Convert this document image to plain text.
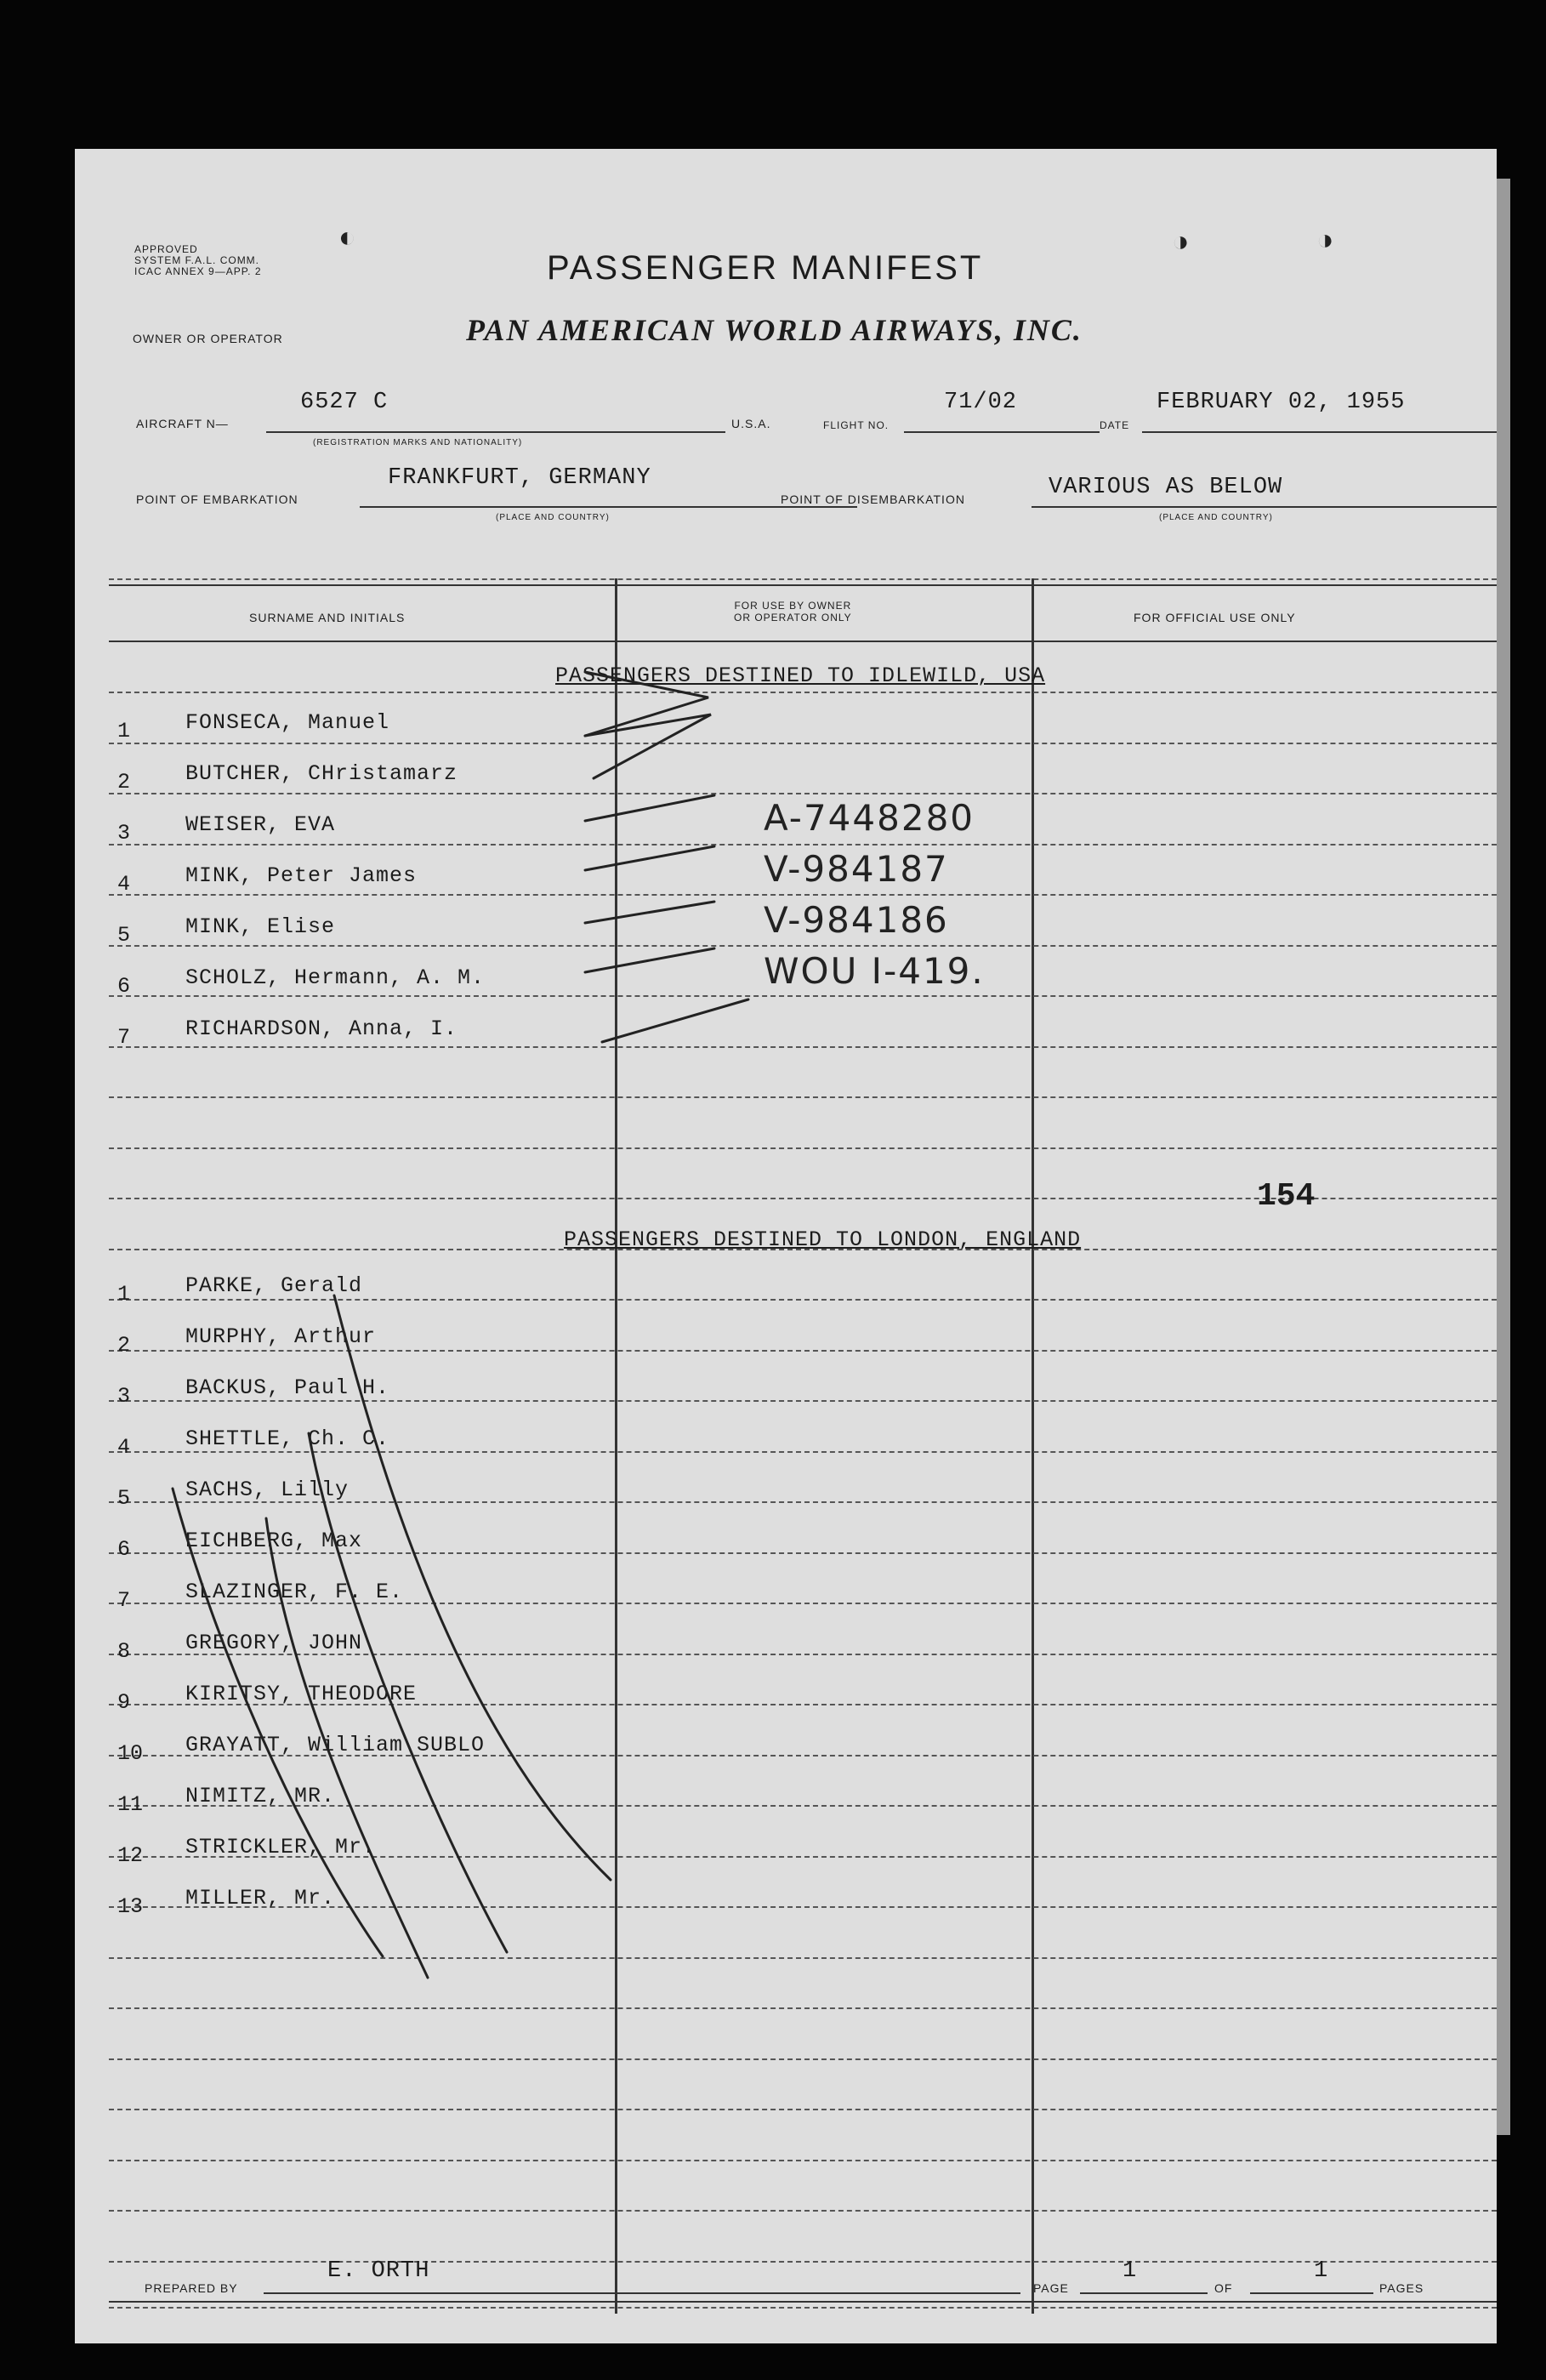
APPROVED
SYSTEM F.A.L. COMM.
ICAC ANNEX 9—APP. 2
◐	◑	◑
PASSENGER MANIFEST
OWNER OR OPERATOR	PAN AMERICAN WORLD AIRWAYS, INC.
AIRCRAFT N—
6527 C
(REGISTRATION MARKS AND NATIONALITY)
U.S.A.	FLIGHT NO.
71/02
DATE
FEBRUARY 02, 1955
POINT OF EMBARKATION
FRANKFURT, GERMANY
(PLACE AND COUNTRY)
POINT OF DISEMBARKATION	VARIOUS AS BELOW
(PLACE AND COUNTRY)
SURNAME AND INITIALS
FOR USE BY OWNER
OR OPERATOR ONLY	FOR OFFICIAL USE ONLY
PASSENGERS DESTINED TO IDLEWILD, USA
1	FONSECA, Manuel
2	BUTCHER, CHristamarz
3	WEISER, EVA	A-7448280
4	MINK, Peter James	V-984187
5	MINK, Elise	V-984186
6	SCHOLZ, Hermann, A. M.	WOU I-419.
7	RICHARDSON, Anna, I.
154
PASSENGERS DESTINED TO LONDON, ENGLAND
1	PARKE, Gerald
2	MURPHY, Arthur
3	BACKUS, Paul H.
4	SHETTLE, Ch. C.
5	SACHS, Lilly
6	EICHBERG, Max
7	SLAZINGER, F. E.
8	GREGORY, JOHN
9	KIRITSY, THEODORE
10 GRAYATT, William SUBLO
11 NIMITZ, MR.
12 STRICKLER, Mr.
13 MILLER, Mr.
PREPARED BY
E. ORTH
PAGE
1
OF
1
PAGES
